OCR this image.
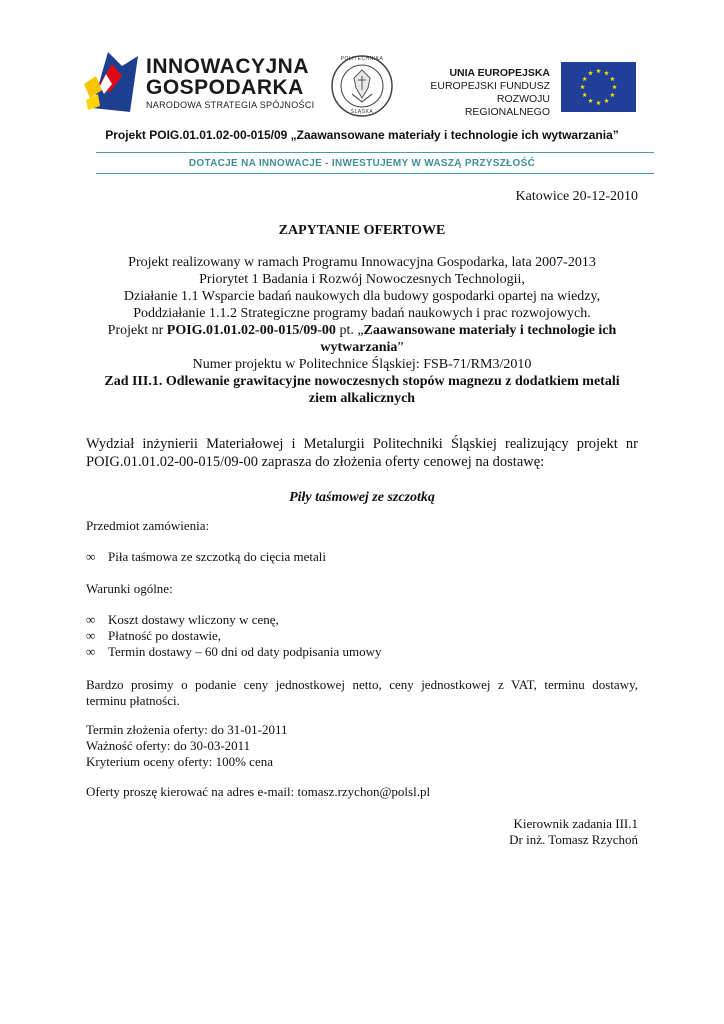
INNOWACYJNA
GOSPODARKA
NARODOWA STRATEGIA SPÓJNOŚCI
POLITECHNIKA
ŚLĄSKA
UNIA EUROPEJSKA
EUROPEJSKI FUNDUSZ
ROZWOJU REGIONALNEGO
Projekt POIG.01.01.02-00-015/09 „Zaawansowane materiały i technologie ich wytwarzania”
DOTACJE NA INNOWACJE - INWESTUJEMY W WASZĄ PRZYSZŁOŚĆ
Katowice 20-12-2010
ZAPYTANIE OFERTOWE
Projekt realizowany w ramach Programu Innowacyjna Gospodarka, lata 2007-2013
Priorytet 1 Badania i Rozwój Nowoczesnych Technologii,
Działanie 1.1 Wsparcie badań naukowych dla budowy gospodarki opartej na wiedzy,
Poddziałanie 1.1.2 Strategiczne programy badań naukowych i prac rozwojowych.
Projekt nr POIG.01.01.02-00-015/09-00 pt. „Zaawansowane materiały i technologie ich
wytwarzania”
Numer projektu w Politechnice Śląskiej: FSB-71/RM3/2010
Zad III.1. Odlewanie grawitacyjne nowoczesnych stopów magnezu z dodatkiem metali
ziem alkalicznych
Wydział inżynierii Materiałowej i Metalurgii Politechniki Śląskiej realizujący projekt nr
POIG.01.01.02-00-015/09-00 zaprasza do złożenia oferty cenowej na dostawę:
Piły taśmowej ze szczotką
Przedmiot zamówienia:
∞ Piła taśmowa ze szczotką do cięcia metali
Warunki ogólne:
∞ Koszt dostawy wliczony w cenę,
∞ Płatność po dostawie,
∞ Termin dostawy – 60 dni od daty podpisania umowy
Bardzo prosimy o podanie ceny jednostkowej netto, ceny jednostkowej z VAT, terminu dostawy,
terminu płatności.
Termin złożenia oferty: do 31-01-2011
Ważność oferty: do 30-03-2011
Kryterium oceny oferty: 100% cena
Oferty proszę kierować na adres e-mail: tomasz.rzychon@polsl.pl
Kierownik zadania III.1
Dr inż. Tomasz Rzychoń
